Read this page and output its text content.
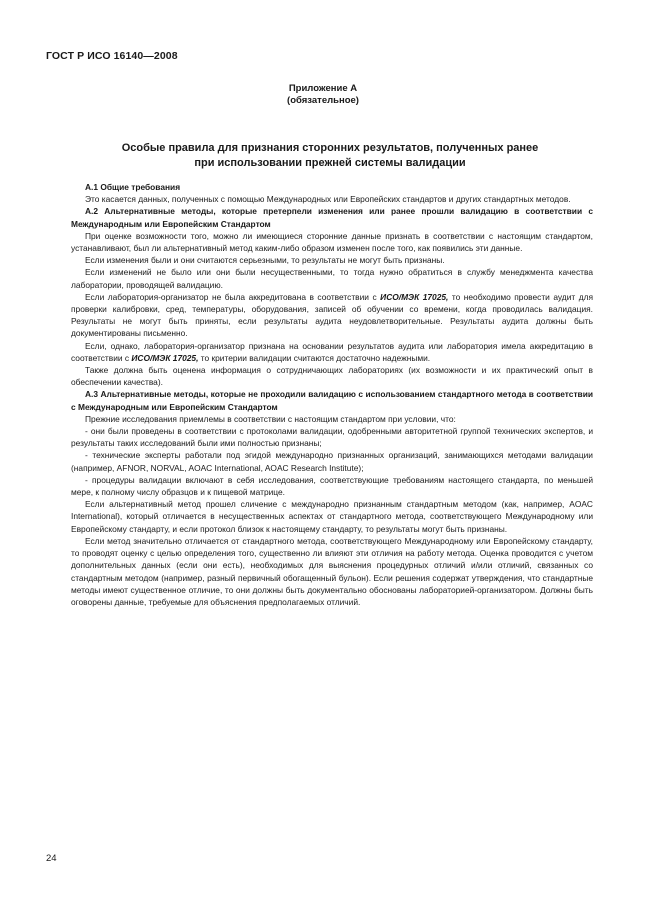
ГОСТ Р ИСО 16140—2008
Приложение А
(обязательное)
Особые правила для признания сторонних результатов, полученных ранее
при использовании прежней системы валидации

А.1 Общие требования

Это касается данных, полученных с помощью Международных или Европейских стандартов и других стандартных методов.

А.2 Альтернативные методы, которые претерпели изменения или ранее прошли валидацию в соответствии с Международным или Европейским Стандартом

При оценке возможности того, можно ли имеющиеся сторонние данные признать в соответствии с настоящим стандартом, устанавливают, был ли альтернативный метод каким-либо образом изменен после того, как появились эти данные.

Если изменения были и они считаются серьезными, то результаты не могут быть признаны.

Если изменений не было или они были несущественными, то тогда нужно обратиться в службу менеджмента качества лаборатории, проводящей валидацию.

Если лаборатория-организатор не была аккредитована в соответствии с ИСО/МЭК 17025, то необходимо провести аудит для проверки калибровки, сред, температуры, оборудования, записей об обучении со времени, когда проводилась валидация. Результаты не могут быть приняты, если результаты аудита неудовлетворительные. Результаты аудита должны быть документированы письменно.

Если, однако, лаборатория-организатор признана на основании результатов аудита или лаборатория имела аккредитацию в соответствии с ИСО/МЭК 17025, то критерии валидации считаются достаточно надежными.

Также должна быть оценена информация о сотрудничающих лабораториях (их возможности и их практический опыт в обеспечении качества).

А.3 Альтернативные методы, которые не проходили валидацию с использованием стандартного метода в соответствии с Международным или Европейским Стандартом

Прежние исследования приемлемы в соответствии с настоящим стандартом при условии, что:

- они были проведены в соответствии с протоколами валидации, одобренными авторитетной группой технических экспертов, и результаты таких исследований были ими полностью признаны;

- технические эксперты работали под эгидой международно признанных организаций, занимающихся методами валидации (например, AFNOR, NORVAL, AOAC International, AOAC Research Institute);

- процедуры валидации включают в себя исследования, соответствующие требованиям настоящего стандарта, по меньшей мере, к полному числу образцов и к пищевой матрице.

Если альтернативный метод прошел сличение с международно признанным стандартным методом (как, например, AOAC International), который отличается в несущественных аспектах от стандартного метода, соответствующего Международному или Европейскому стандарту, и если протокол близок к настоящему стандарту, то результаты могут быть признаны.

Если метод значительно отличается от стандартного метода, соответствующего Международному или Европейскому стандарту, то проводят оценку с целью определения того, существенно ли влияют эти отличия на работу метода. Оценка проводится с учетом дополнительных данных (если они есть), необходимых для выяснения процедурных отличий и/или отличий, связанных со стандартным методом (например, разный первичный обогащенный бульон). Если решения содержат утверждения, что стандартные методы имеют существенное отличие, то они должны быть документально обоснованы лабораторией-организатором. Должны быть оговорены данные, требуемые для объяснения предполагаемых отличий.

24
